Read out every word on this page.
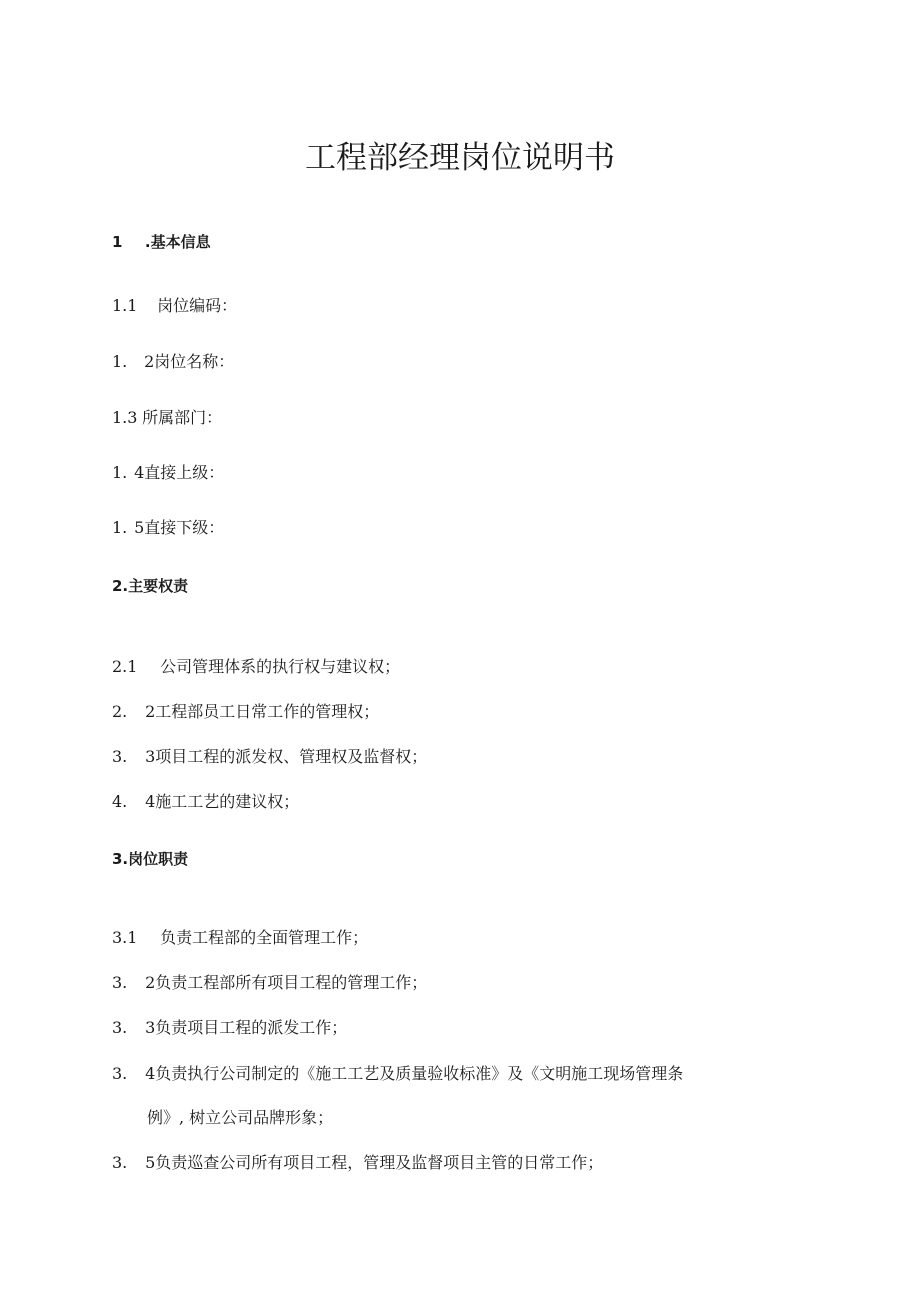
工程部经理岗位说明书
1 .基本信息
1.1 岗位编码：
1. 2岗位名称：
1.3 所属部门：
1. 4直接上级：
1. 5直接下级：
2.主要权责
2.1 公司管理体系的执行权与建议权；
2. 2工程部员工日常工作的管理权；
3. 3项目工程的派发权、管理权及监督权；
4. 4施工工艺的建议权；
3.岗位职责
3.1 负责工程部的全面管理工作；
3. 2负责工程部所有项目工程的管理工作；
3. 3负责项目工程的派发工作；
3. 4负责执行公司制定的《施工工艺及质量验收标准》及《文明施工现场管理条
例》, 树立公司品牌形象；
3. 5负责巡查公司所有项目工程，管理及监督项目主管的日常工作；
